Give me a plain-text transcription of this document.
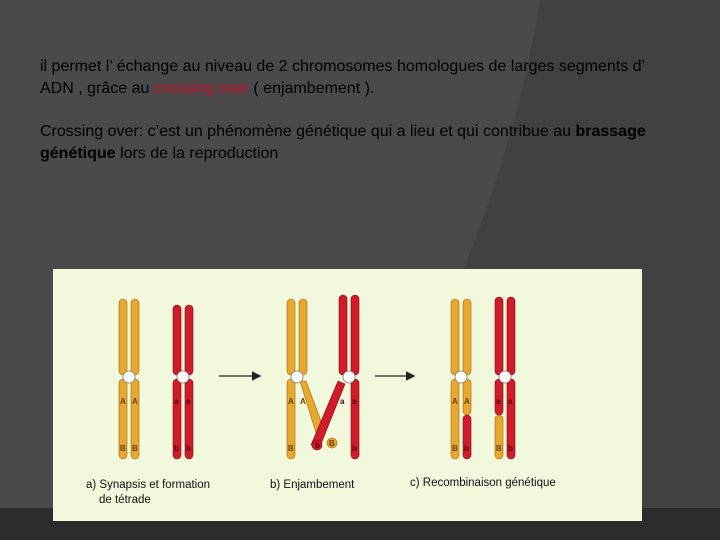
il permet l’ échange au niveau de 2 chromosomes homologues de larges segments d’ ADN , grâce au crossing over ( enjambement ).

Crossing over: c’est un phénomène génétique qui a lieu et qui contribue au brassage génétique lors de la reproduction

A A
B B
a a
b b
A A
B	b B
a a
b
A A
B b
a a
B b
a) Synapsis et formation
de tétrade
b) Enjambement	c) Recombinaison génétique
